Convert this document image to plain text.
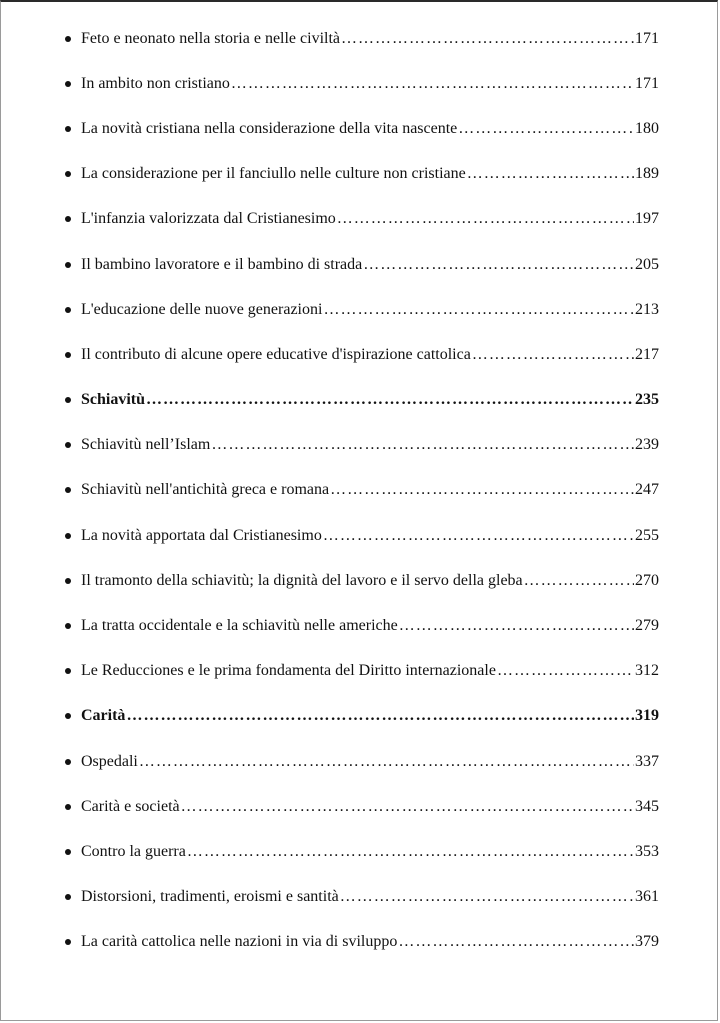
Feto e neonato nella storia e nelle civiltà …………………………………………………………………………………………………………………………………………………………………………	171
In ambito non cristiano …………………………………………………………………………………………………………………………………………………………………………	171
La novità cristiana nella considerazione della vita nascente …………………………………………………………………………………………………………………………………………………………………………	180
La considerazione per il fanciullo nelle culture non cristiane …………………………………………………………………………………………………………………………………………………………………………	189
L'infanzia valorizzata dal Cristianesimo …………………………………………………………………………………………………………………………………………………………………………	197
Il bambino lavoratore e il bambino di strada …………………………………………………………………………………………………………………………………………………………………………	205
L'educazione delle nuove generazioni …………………………………………………………………………………………………………………………………………………………………………	213
Il contributo di alcune opere educative d'ispirazione cattolica …………………………………………………………………………………………………………………………………………………………………………	217
Schiavitù …………………………………………………………………………………………………………………………………………………………………………	235
Schiavitù nell’Islam …………………………………………………………………………………………………………………………………………………………………………	239
Schiavitù nell'antichità greca e romana …………………………………………………………………………………………………………………………………………………………………………	247
La novità apportata dal Cristianesimo …………………………………………………………………………………………………………………………………………………………………………	255
Il tramonto della schiavitù; la dignità del lavoro e il servo della gleba …………………………………………………………………………………………………………………………………………………………………………	270
La tratta occidentale e la schiavitù nelle americhe …………………………………………………………………………………………………………………………………………………………………………	279
Le Reducciones e le prima fondamenta del Diritto internazionale …………………………………………………………………………………………………………………………………………………………………………	312
Carità …………………………………………………………………………………………………………………………………………………………………………	319
Ospedali …………………………………………………………………………………………………………………………………………………………………………	337
Carità e società …………………………………………………………………………………………………………………………………………………………………………	345
Contro la guerra …………………………………………………………………………………………………………………………………………………………………………	353
Distorsioni, tradimenti, eroismi e santità …………………………………………………………………………………………………………………………………………………………………………	361
La carità cattolica nelle nazioni in via di sviluppo …………………………………………………………………………………………………………………………………………………………………………	379
